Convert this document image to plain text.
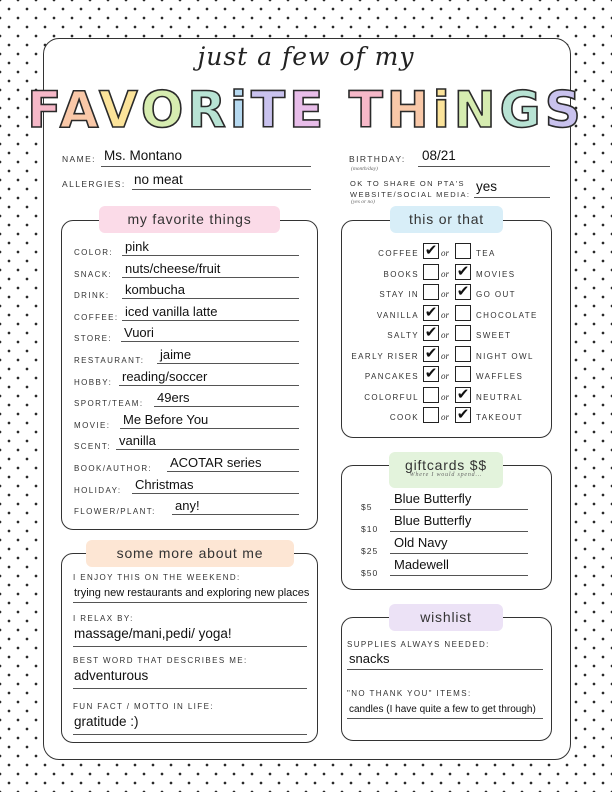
just a few of my
FAVORiTE THiNGS
NAME: Ms. Montano
ALLERGIES: no meat
BIRTHDAY:
(month/day)
08/21
OK TO SHARE ON PTA'S
WEBSITE/SOCIAL MEDIA:
(yes or no)
yes
my favorite things
COLOR: pink
SNACK: nuts/cheese/fruit
DRINK: kombucha
COFFEE: iced vanilla latte
STORE: Vuori
RESTAURANT: jaime
HOBBY: reading/soccer
SPORT/TEAM: 49ers
MOVIE: Me Before You
SCENT: vanilla
BOOK/AUTHOR: ACOTAR series
HOLIDAY: Christmas
FLOWER/PLANT: any!
this or that
COFFEE ✔ or	TEA
BOOKS or ✔ MOVIES
STAY IN or ✔ GO OUT
VANILLA ✔ or	CHOCOLATE
SALTY ✔ or	SWEET
EARLY RISER ✔ or	NIGHT OWL
PANCAKES ✔ or	WAFFLES
COLORFUL or ✔ NEUTRAL
COOK or ✔ TAKEOUT
giftcards $$
Where I would spend...
$5
Blue Butterfly
$10
Blue Butterfly
$25
Old Navy
$50
Madewell
some more about me
I ENJOY THIS ON THE WEEKEND:
trying new restaurants and exploring new places
I RELAX BY:
massage/mani,pedi/ yoga!
BEST WORD THAT DESCRIBES ME:
adventurous
FUN FACT / MOTTO IN LIFE:
gratitude :)
wishlist
SUPPLIES ALWAYS NEEDED:
snacks
"NO THANK YOU" ITEMS:
candles (I have quite a few to get through)
